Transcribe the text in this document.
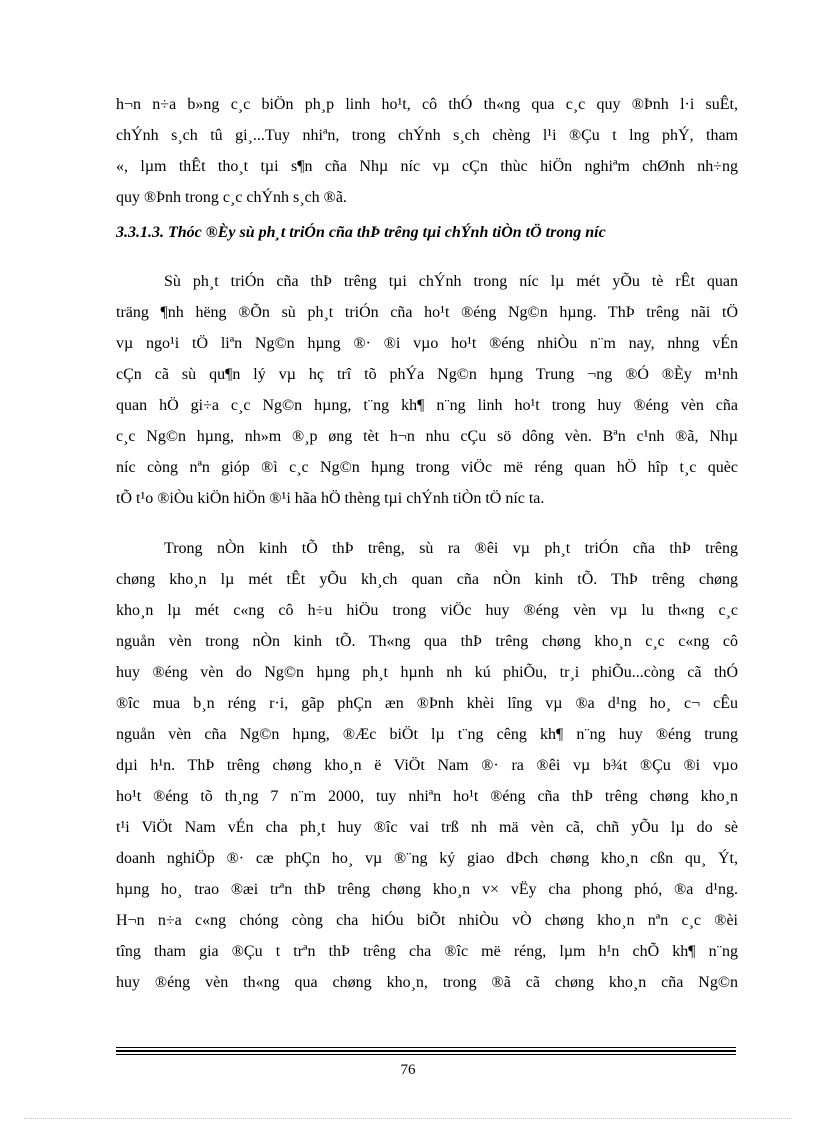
h¬n n÷a b»ng c¸c biÖn ph¸p linh ho¹t, cô thÓ th«ng qua c¸c quy ®Þnh l·i suÊt,
chÝnh s¸ch tû gi¸...Tuy nhiªn, trong chÝnh s¸ch chèng l¹i ®Çu t lng phÝ, tham
«, lµm thÊt tho¸t tµi s¶n cña Nhµ níc vµ cÇn thùc hiÖn nghiªm chØnh nh÷ng
quy ®Þnh trong c¸c chÝnh s¸ch ®ã.
3.3.1.3. Thóc ®Èy sù ph¸t triÓn cña thÞ trêng tµi chÝnh tiÒn tÖ trong níc
Sù ph¸t triÓn cña thÞ trêng tµi chÝnh trong níc lµ mét yÕu tè rÊt quan
träng ¶nh hëng ®Õn sù ph¸t triÓn cña ho¹t ®éng Ng©n hµng. ThÞ trêng nãi tÖ
vµ ngo¹i tÖ liªn Ng©n hµng ®· ®i vµo ho¹t ®éng nhiÒu n¨m nay, nhng vÉn
cÇn cã sù qu¶n lý vµ hç trî tõ phÝa Ng©n hµng Trung ¬ng ®Ó ®Èy m¹nh
quan hÖ gi÷a c¸c Ng©n hµng, t¨ng kh¶ n¨ng linh ho¹t trong huy ®éng vèn cña
c¸c Ng©n hµng, nh»m ®¸p øng tèt h¬n nhu cÇu sö dông vèn. Bªn c¹nh ®ã, Nhµ
níc còng nªn gióp ®ì c¸c Ng©n hµng trong viÖc më réng quan hÖ hîp t¸c quèc
tÕ t¹o ®iÒu kiÖn hiÖn ®¹i hãa hÖ thèng tµi chÝnh tiÒn tÖ níc ta.
Trong nÒn kinh tÕ thÞ trêng, sù ra ®êi vµ ph¸t triÓn cña thÞ trêng
chøng kho¸n lµ mét tÊt yÕu kh¸ch quan cña nÒn kinh tÕ. ThÞ trêng chøng
kho¸n lµ mét c«ng cô h÷u hiÖu trong viÖc huy ®éng vèn vµ lu th«ng c¸c
nguån vèn trong nÒn kinh tÕ. Th«ng qua thÞ trêng chøng kho¸n c¸c c«ng cô
huy ®éng vèn do Ng©n hµng ph¸t hµnh nh kú phiÕu, tr¸i phiÕu...còng cã thÓ
®îc mua b¸n réng r·i, gãp phÇn æn ®Þnh khèi lîng vµ ®a d¹ng ho¸ c¬ cÊu
nguån vèn cña Ng©n hµng, ®Æc biÖt lµ t¨ng cêng kh¶ n¨ng huy ®éng trung
dµi h¹n. ThÞ trêng chøng kho¸n ë ViÖt Nam ®· ra ®êi vµ b¾t ®Çu ®i vµo
ho¹t ®éng tõ th¸ng 7 n¨m 2000, tuy nhiªn ho¹t ®éng cña thÞ trêng chøng kho¸n
t¹i ViÖt Nam vÉn cha ph¸t huy ®îc vai trß nh mä vèn cã, chñ yÕu lµ do sè
doanh nghiÖp ®· cæ phÇn ho¸ vµ ®¨ng ký giao dÞch chøng kho¸n cßn qu¸ Ýt,
hµng ho¸ trao ®æi trªn thÞ trêng chøng kho¸n v× vËy cha phong phó, ®a d¹ng.
H¬n n÷a c«ng chóng còng cha hiÓu biÕt nhiÒu vÒ chøng kho¸n nªn c¸c ®èi
tîng tham gia ®Çu t trªn thÞ trêng cha ®îc më réng, lµm h¹n chÕ kh¶ n¨ng
huy ®éng vèn th«ng qua chøng kho¸n, trong ®ã cã chøng kho¸n cña Ng©n
76
